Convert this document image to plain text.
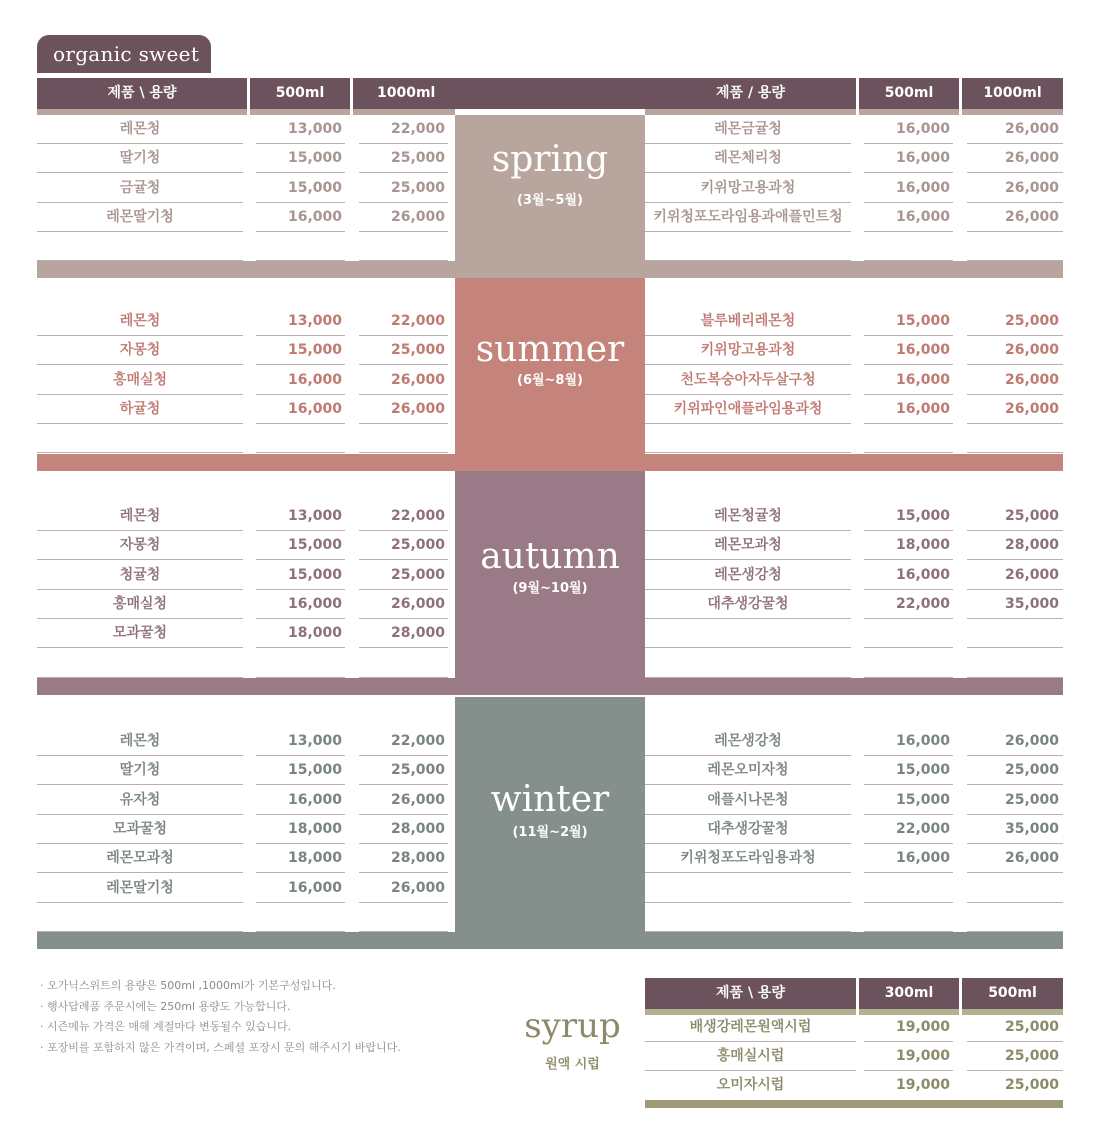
organic sweet
제품 \ 용량	500ml	1000ml	제품 / 용량	500ml	1000ml
spring
(3월~5월)
레몬청	13,000	22,000	레몬금귤청	16,000	26,000
딸기청	15,000	25,000	레몬체리청	16,000	26,000
금귤청	15,000	25,000	키위망고용과청	16,000	26,000
레몬딸기청	16,000	26,000	키위청포도라임용과애플민트청	16,000	26,000
summer
(6월~8월)
레몬청	13,000	22,000	블루베리레몬청	15,000	25,000
자몽청	15,000	25,000	키위망고용과청	16,000	26,000
홍매실청	16,000	26,000	천도복숭아자두살구청	16,000	26,000
하귤청	16,000	26,000	키위파인애플라임용과청	16,000	26,000
autumn
(9월~10월)
레몬청	13,000	22,000	레몬청귤청	15,000	25,000
자몽청	15,000	25,000	레몬모과청	18,000	28,000
청귤청	15,000	25,000	레몬생강청	16,000	26,000
홍매실청	16,000	26,000	대추생강꿀청	22,000	35,000
모과꿀청	18,000	28,000
winter
(11월~2월)
레몬청	13,000	22,000	레몬생강청	16,000	26,000
딸기청	15,000	25,000	레몬오미자청	15,000	25,000
유자청	16,000	26,000	애플시나몬청	15,000	25,000
모과꿀청	18,000	28,000	대추생강꿀청	22,000	35,000
레몬모과청	18,000	28,000	키위청포도라임용과청	16,000	26,000
레몬딸기청	16,000	26,000
· 오가닉스위트의 용량은 500ml ,1000ml가 기본구성입니다.
· 행사답례품 주문시에는 250ml 용량도 가능합니다.
· 시즌메뉴 가격은 매해 계절마다 변동될수 있습니다.
· 포장비를 포함하지 않은 가격이며, 스페셜 포장시 문의 해주시기 바랍니다.
syrup
원액 시럽
제품 \ 용량	300ml	500ml
배생강레몬원액시럽	19,000	25,000
홍매실시럽	19,000	25,000
오미자시럽	19,000	25,000
